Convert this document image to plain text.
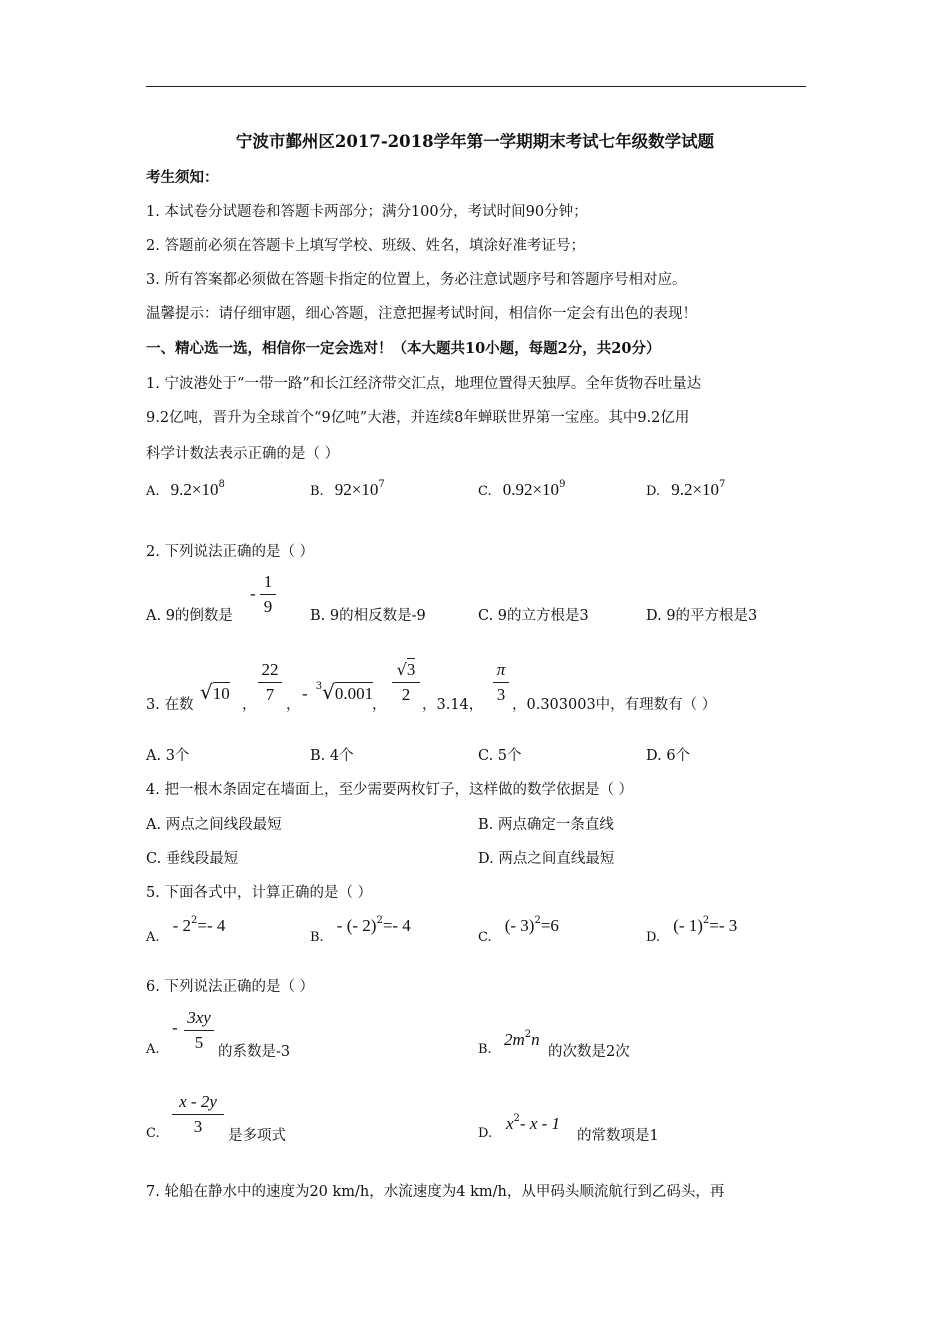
宁波市鄞州区2017-2018学年第一学期期末考试七年级数学试题
考生须知：
1. 本试卷分试题卷和答题卡两部分；满分100分，考试时间90分钟；
2. 答题前必须在答题卡上填写学校、班级、姓名，填涂好准考证号；
3. 所有答案都必须做在答题卡指定的位置上，务必注意试题序号和答题序号相对应。
温馨提示：请仔细审题，细心答题，注意把握考试时间，相信你一定会有出色的表现！
一、精心选一选，相信你一定会选对！（本大题共10小题，每题2分，共20分）
1. 宁波港处于“一带一路”和长江经济带交汇点，地理位置得天独厚。全年货物吞吐量达
9.2亿吨，晋升为全球首个“9亿吨”大港，并连续8年蝉联世界第一宝座。其中9.2亿用
科学计数法表示正确的是（ ）
A. $9.2\times 10^8$	B. $92\times 10^7$	C. $0.92\times 10^9$	D. $9.2\times 10^7$
2. 下列说法正确的是（ ）
A. 9的倒数是
-
1
9	B. 9的相反数是-9	C. 9的立方根是3	D. 9的平方根是3
3. 在数
√10
，
22
7
，
- $^3$√0.001
，
√3
2
，3.14，
π
3
，0.303003中，有理数有（ ）
A. 3个	B. 4个	C. 5个	D. 6个
4. 把一根木条固定在墙面上，至少需要两枚钉子，这样做的数学依据是（ ）
A. 两点之间线段最短	B. 两点确定一条直线
C. 垂线段最短	D. 两点之间直线最短
5. 下面各式中，计算正确的是（ ）
$_{A.} - 2^2=-$ 4
$_{B.}$ - (- 2)$^2$=- 4
$_{C.}$ (- 3)$^2$=6
$_{D.}$ (- 1)$^2$=- 3
6. 下列说法正确的是（ ）
A.
-
3xy
5	的系数是-3	B.
$2m^2n$
的次数是2次
C.
x - 2y
3	是多项式	D.
$x^2-$ x - 1
的常数项是1
7. 轮船在静水中的速度为20 km/h，水流速度为4 km/h，从甲码头顺流航行到乙码头，再
